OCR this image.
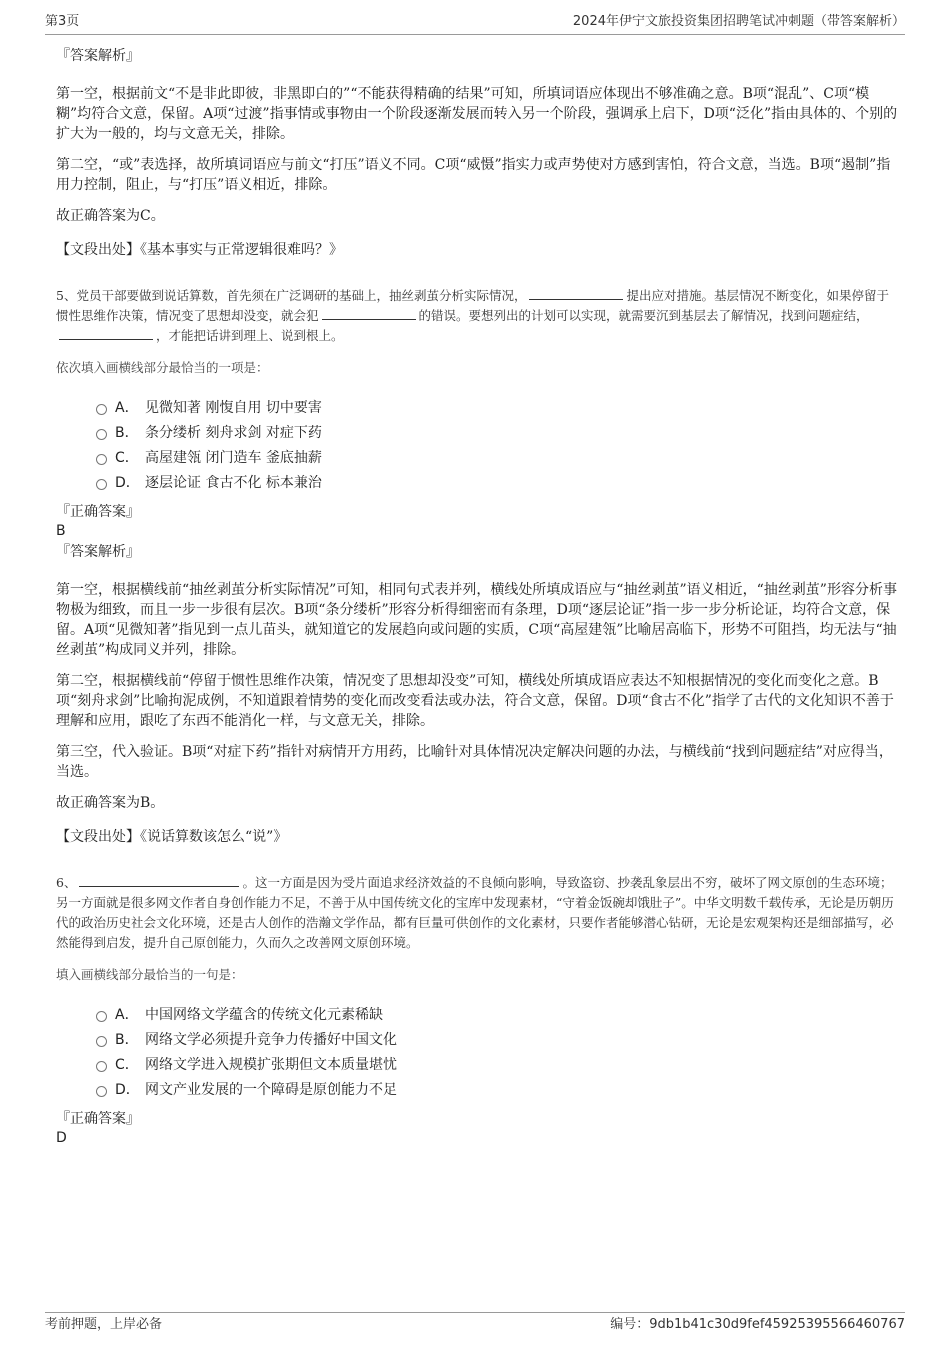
第3页	2024年伊宁文旅投资集团招聘笔试冲刺题（带答案解析）

『答案解析』

第一空，根据前文“不是非此即彼，非黑即白的”“不能获得精确的结果”可知，所填词语应体现出不够准确之意。B项“混乱”、C项“模糊”均符合文意，保留。A项“过渡”指事情或事物由一个阶段逐渐发展而转入另一个阶段，强调承上启下，D项“泛化”指由具体的、个别的扩大为一般的，均与文意无关，排除。

第二空，“或”表选择，故所填词语应与前文“打压”语义不同。C项“威慑”指实力或声势使对方感到害怕，符合文意，当选。B项“遏制”指用力控制，阻止，与“打压”语义相近，排除。

故正确答案为C。

【文段出处】《基本事实与正常逻辑很难吗？》

5、党员干部要做到说话算数，首先须在广泛调研的基础上，抽丝剥茧分析实际情况，	提出应对措施。基层情况不断变化，如果停留于惯性思维作决策，情况变了思想却没变，就会犯	的错误。要想列出的计划可以实现，就需要沉到基层去了解情况，找到问题症结，，才能把话讲到理上、说到根上。

依次填入画横线部分最恰当的一项是：

A． 见微知著 刚愎自用 切中要害
B． 条分缕析 刻舟求剑 对症下药
C． 高屋建瓴 闭门造车 釜底抽薪
D． 逐层论证 食古不化 标本兼治

『正确答案』

B

『答案解析』

第一空，根据横线前“抽丝剥茧分析实际情况”可知，相同句式表并列，横线处所填成语应与“抽丝剥茧”语义相近，“抽丝剥茧”形容分析事物极为细致，而且一步一步很有层次。B项“条分缕析”形容分析得细密而有条理，D项“逐层论证”指一步一步分析论证，均符合文意，保留。A项“见微知著”指见到一点儿苗头，就知道它的发展趋向或问题的实质，C项“高屋建瓴”比喻居高临下，形势不可阻挡，均无法与“抽丝剥茧”构成同义并列，排除。

第二空，根据横线前“停留于惯性思维作决策，情况变了思想却没变”可知，横线处所填成语应表达不知根据情况的变化而变化之意。B项“刻舟求剑”比喻拘泥成例，不知道跟着情势的变化而改变看法或办法，符合文意，保留。D项“食古不化”指学了古代的文化知识不善于理解和应用，跟吃了东西不能消化一样，与文意无关，排除。

第三空，代入验证。B项“对症下药”指针对病情开方用药，比喻针对具体情况决定解决问题的办法，与横线前“找到问题症结”对应得当，当选。

故正确答案为B。

【文段出处】《说话算数该怎么“说”》

6、	。这一方面是因为受片面追求经济效益的不良倾向影响，导致盗窃、抄袭乱象层出不穷，破坏了网文原创的生态环境；另一方面就是很多网文作者自身创作能力不足，不善于从中国传统文化的宝库中发现素材，“守着金饭碗却饿肚子”。中华文明数千载传承，无论是历朝历代的政治历史社会文化环境，还是古人创作的浩瀚文学作品，都有巨量可供创作的文化素材，只要作者能够潜心钻研，无论是宏观架构还是细部描写，必然能得到启发，提升自己原创能力，久而久之改善网文原创环境。

填入画横线部分最恰当的一句是：

A． 中国网络文学蕴含的传统文化元素稀缺
B． 网络文学必须提升竞争力传播好中国文化
C． 网络文学进入规模扩张期但文本质量堪忧
D． 网文产业发展的一个障碍是原创能力不足

『正确答案』

D

考前押题，上岸必备	编号：9db1b41c30d9fef45925395566460767
